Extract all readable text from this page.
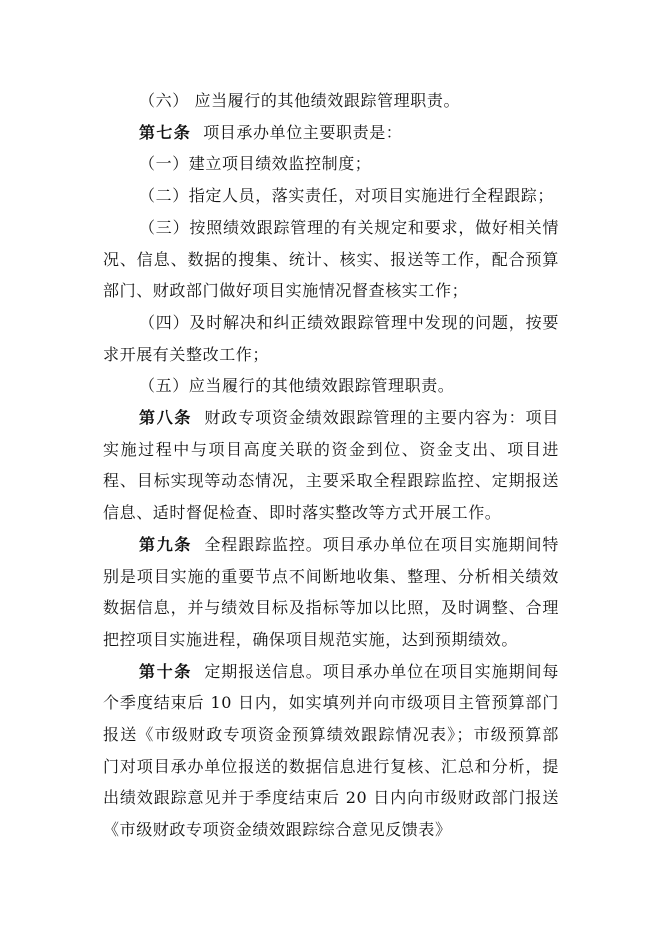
（六） 应当履行的其他绩效跟踪管理职责。

第七条 项目承办单位主要职责是：

（一）建立项目绩效监控制度；

（二）指定人员，落实责任，对项目实施进行全程跟踪；

（三）按照绩效跟踪管理的有关规定和要求，做好相关情况、信息、数据的搜集、统计、核实、报送等工作，配合预算部门、财政部门做好项目实施情况督查核实工作；

（四）及时解决和纠正绩效跟踪管理中发现的问题，按要求开展有关整改工作；

（五）应当履行的其他绩效跟踪管理职责。

第八条 财政专项资金绩效跟踪管理的主要内容为：项目实施过程中与项目高度关联的资金到位、资金支出、项目进程、目标实现等动态情况，主要采取全程跟踪监控、定期报送信息、适时督促检查、即时落实整改等方式开展工作。

第九条 全程跟踪监控。项目承办单位在项目实施期间特别是项目实施的重要节点不间断地收集、整理、分析相关绩效数据信息，并与绩效目标及指标等加以比照，及时调整、合理把控项目实施进程，确保项目规范实施，达到预期绩效。

第十条 定期报送信息。项目承办单位在项目实施期间每个季度结束后 10 日内，如实填列并向市级项目主管预算部门报送《市级财政专项资金预算绩效跟踪情况表》；市级预算部门对项目承办单位报送的数据信息进行复核、汇总和分析，提出绩效跟踪意见并于季度结束后 20 日内向市级财政部门报送《市级财政专项资金绩效跟踪综合意见反馈表》
